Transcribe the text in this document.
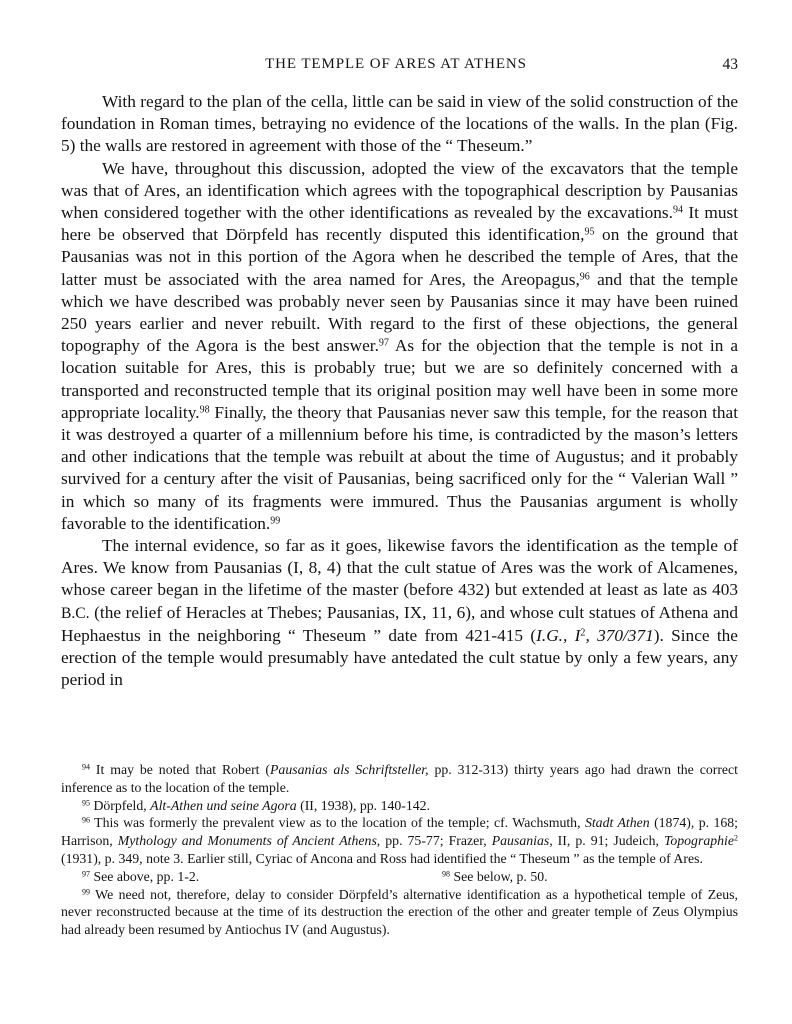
THE TEMPLE OF ARES AT ATHENS	43

With regard to the plan of the cella, little can be said in view of the solid construction of the foundation in Roman times, betraying no evidence of the locations of the walls. In the plan (Fig. 5) the walls are restored in agreement with those of the “ Theseum.”

We have, throughout this discussion, adopted the view of the excavators that the temple was that of Ares, an identification which agrees with the topographical description by Pausanias when considered together with the other identifications as revealed by the excavations.$^{94}$ It must here be observed that Dörpfeld has recently disputed this identification,$^{95}$ on the ground that Pausanias was not in this portion of the Agora when he described the temple of Ares, that the latter must be associated with the area named for Ares, the Areopagus,$^{96}$ and that the temple which we have described was probably never seen by Pausanias since it may have been ruined 250 years earlier and never rebuilt. With regard to the first of these objections, the general topography of the Agora is the best answer.$^{97}$ As for the objection that the temple is not in a location suitable for Ares, this is probably true; but we are so definitely concerned with a transported and reconstructed temple that its original position may well have been in some more appropriate locality.$^{98}$ Finally, the theory that Pausanias never saw this temple, for the reason that it was destroyed a quarter of a millennium before his time, is contradicted by the mason’s letters and other indications that the temple was rebuilt at about the time of Augustus; and it probably survived for a century after the visit of Pausanias, being sacrificed only for the “ Valerian Wall ” in which so many of its fragments were immured. Thus the Pausanias argument is wholly favorable to the identification.$^{99}$

The internal evidence, so far as it goes, likewise favors the identification as the temple of Ares. We know from Pausanias (I, 8, 4) that the cult statue of Ares was the work of Alcamenes, whose career began in the lifetime of the master (before 432) but extended at least as late as 403 B.C. (the relief of Heracles at Thebes; Pausanias, IX, 11, 6), and whose cult statues of Athena and Hephaestus in the neighboring “ Theseum ” date from 421-415 (I.G., $I^2$, 370/371). Since the erection of the temple would presumably have antedated the cult statue by only a few years, any period in

$^{94}$ It may be noted that Robert (Pausanias als Schriftsteller, pp. 312-313) thirty years ago had drawn the correct inference as to the location of the temple.

$^{95}$ Dörpfeld, Alt-Athen und seine Agora (II, 1938), pp. 140-142.

$^{96}$ This was formerly the prevalent view as to the location of the temple; cf. Wachsmuth, Stadt Athen (1874), p. 168; Harrison, Mythology and Monuments of Ancient Athens, pp. 75-77; Frazer, Pausanias, II, p. 91; Judeich, Topographie$^2$ (1931), p. 349, note 3. Earlier still, Cyriac of Ancona and Ross had identified the “ Theseum ” as the temple of Ares.

$^{97}$ See above, pp. 1-2.	$^{98}$ See below, p. 50.

$^{99}$ We need not, therefore, delay to consider Dörpfeld’s alternative identification as a hypothetical temple of Zeus, never reconstructed because at the time of its destruction the erection of the other and greater temple of Zeus Olympius had already been resumed by Antiochus IV (and Augustus).
